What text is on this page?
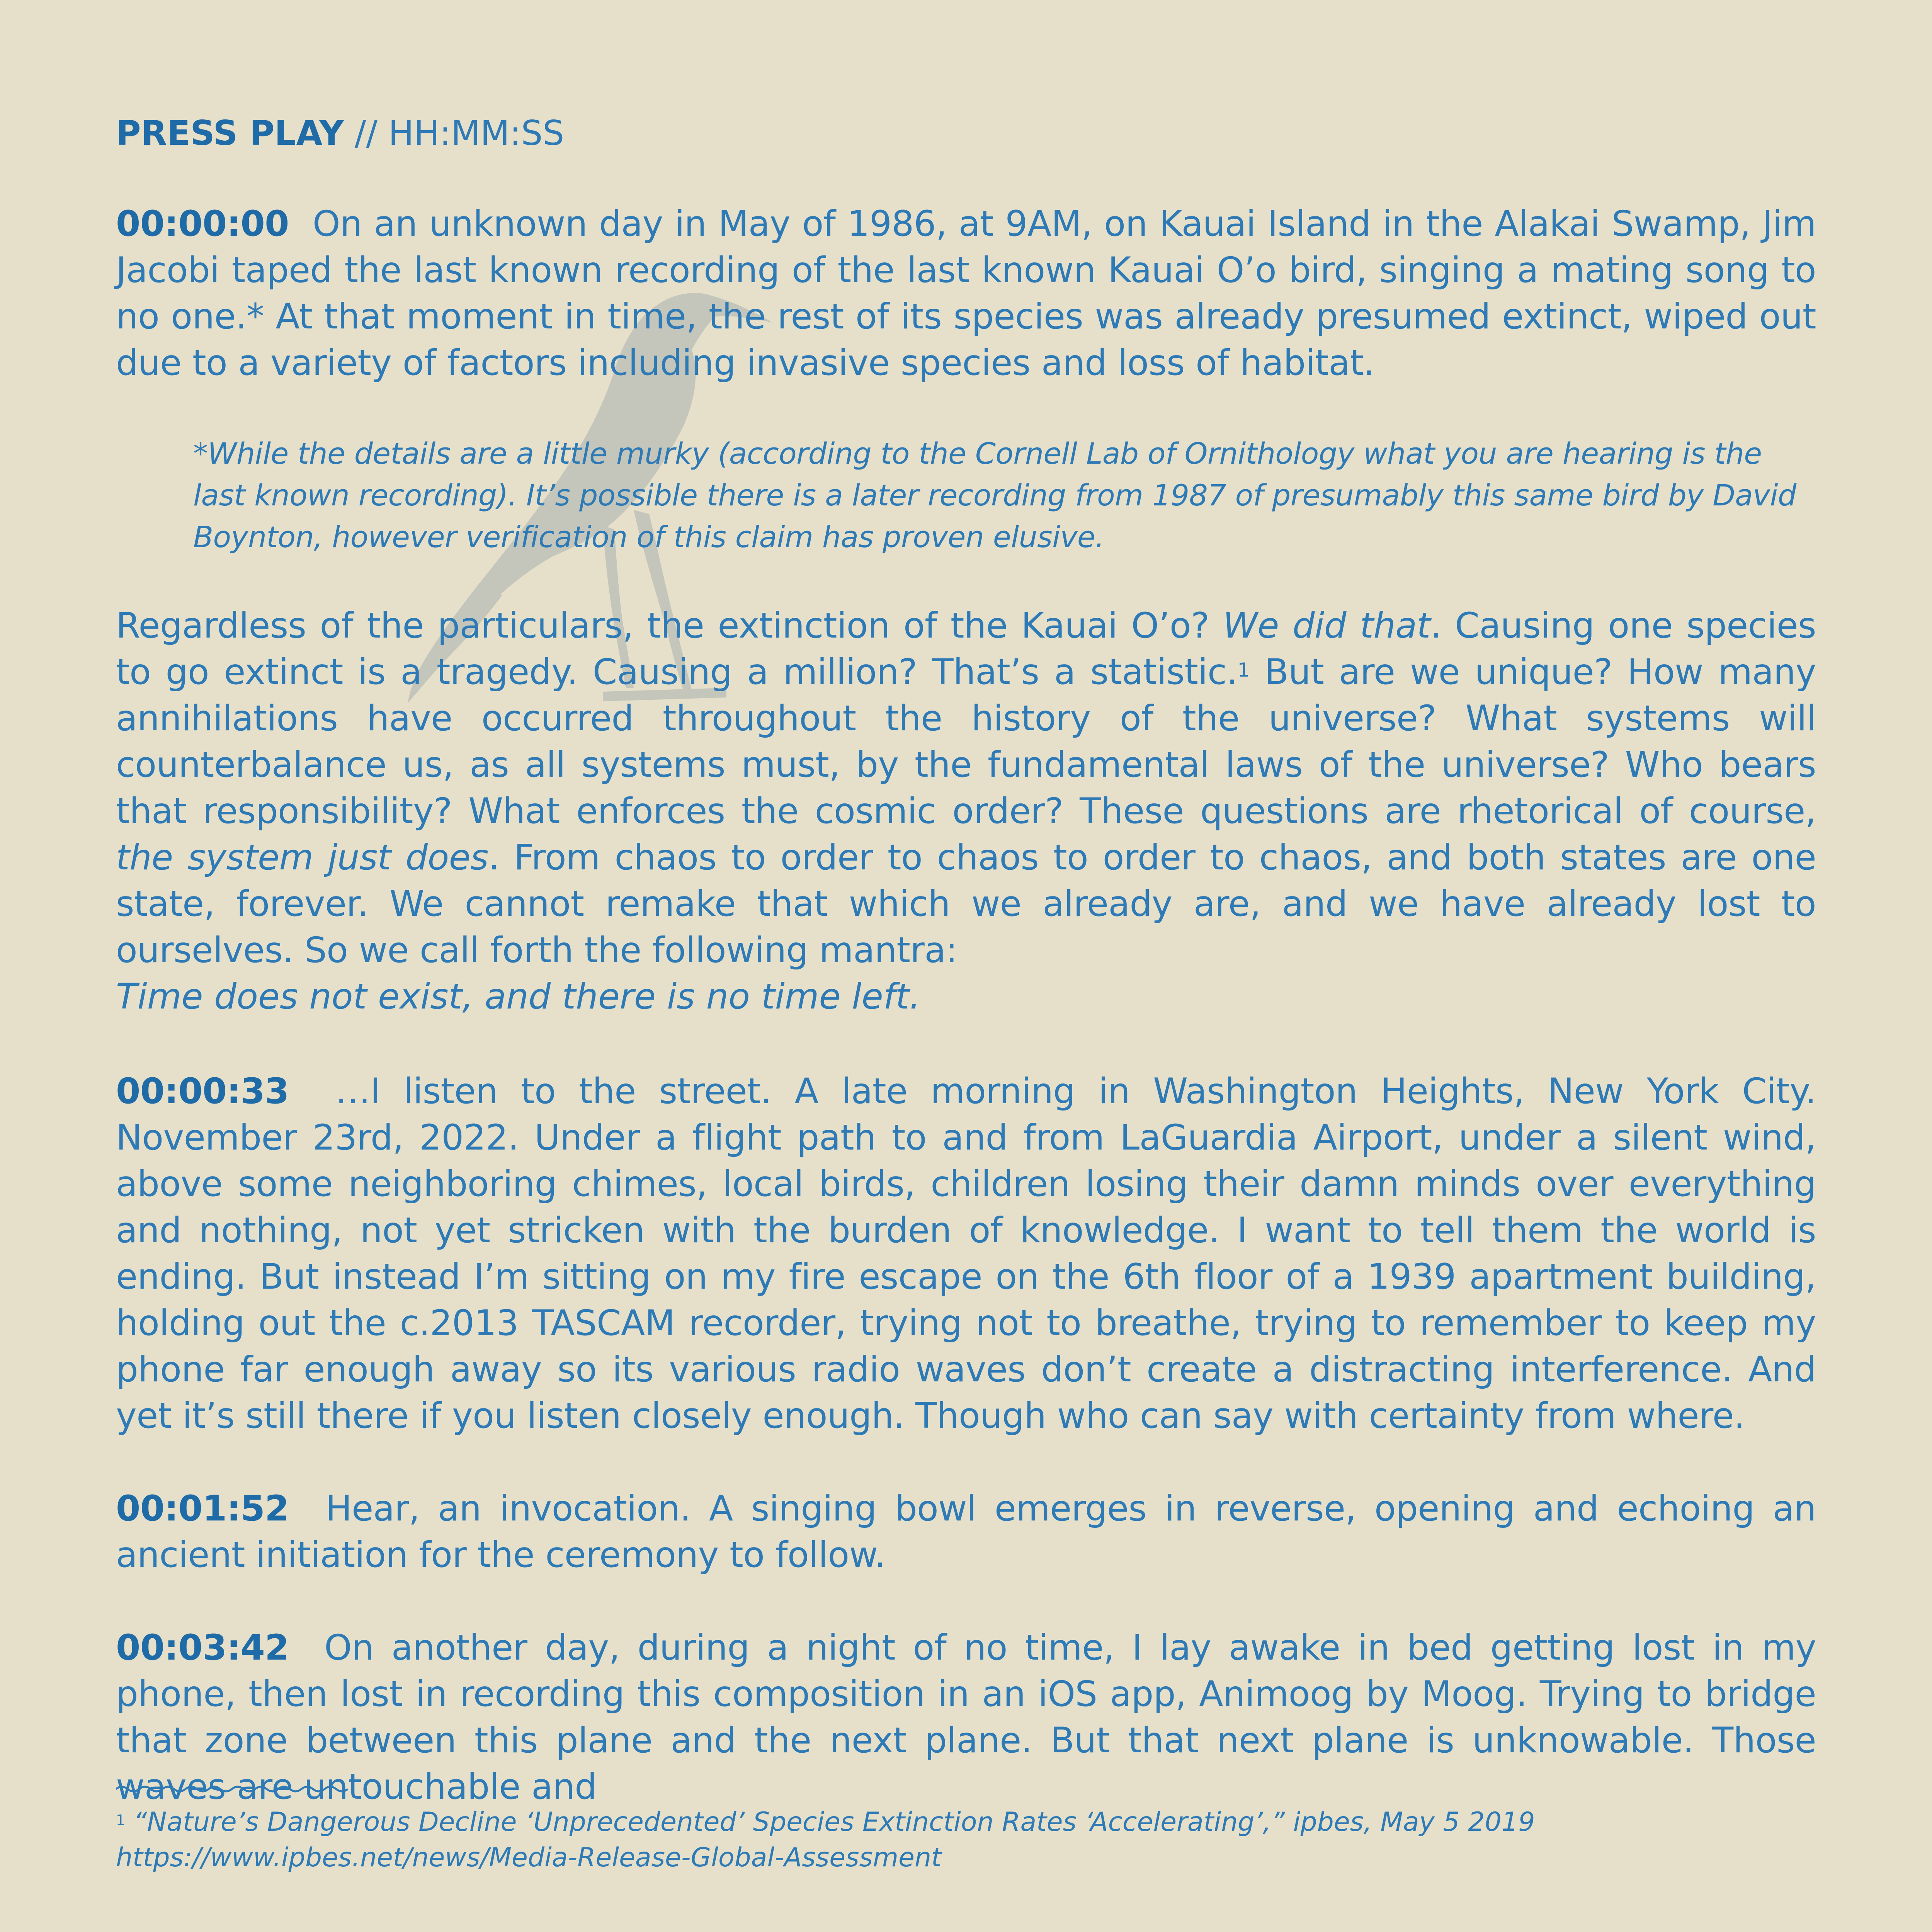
PRESS PLAY // HH:MM:SS

00:00:00 On an unknown day in May of 1986, at 9AM, on Kauai Island in the Alakai Swamp, Jim Jacobi taped the last known recording of the last known Kauai O’o bird, singing a mating song to no one.* At that moment in time, the rest of its species was already presumed extinct, wiped out due to a variety of factors including invasive species and loss of habitat.

*While the details are a little murky (according to the Cornell Lab of Ornithology what you are hearing is the last known recording). It’s possible there is a later recording from 1987 of presumably this same bird by David Boynton, however verification of this claim has proven elusive.

Regardless of the particulars, the extinction of the Kauai O’o? We did that. Causing one species to go extinct is a tragedy. Causing a million? That’s a statistic.$^1$ But are we unique? How many annihilations have occurred throughout the history of the universe? What systems will counterbalance us, as all systems must, by the fundamental laws of the universe? Who bears that responsibility? What enforces the cosmic order? These questions are rhetorical of course, the system just does. From chaos to order to chaos to order to chaos, and both states are one state, forever. We cannot remake that which we already are, and we have already lost to ourselves. So we call forth the following mantra:

Time does not exist, and there is no time left.

00:00:33 …I listen to the street. A late morning in Washington Heights, New York City. November 23rd, 2022. Under a flight path to and from LaGuardia Airport, under a silent wind, above some neighboring chimes, local birds, children losing their damn minds over everything and nothing, not yet stricken with the burden of knowledge. I want to tell them the world is ending. But instead I’m sitting on my fire escape on the 6th floor of a 1939 apartment building, holding out the c.2013 TASCAM recorder, trying not to breathe, trying to remember to keep my phone far enough away so its various radio waves don’t create a distracting interference. And yet it’s still there if you listen closely enough. Though who can say with certainty from where.

00:01:52 Hear, an invocation. A singing bowl emerges in reverse, opening and echoing an ancient initiation for the ceremony to follow.

00:03:42 On another day, during a night of no time, I lay awake in bed getting lost in my phone, then lost in recording this composition in an iOS app, Animoog by Moog. Trying to bridge that zone between this plane and the next plane. But that next plane is unknowable. Those waves are untouchable and

$^1$ “Nature’s Dangerous Decline ‘Unprecedented’ Species Extinction Rates ‘Accelerating’,” ipbes, May 5 2019
https://www.ipbes.net/news/Media-Release-Global-Assessment
